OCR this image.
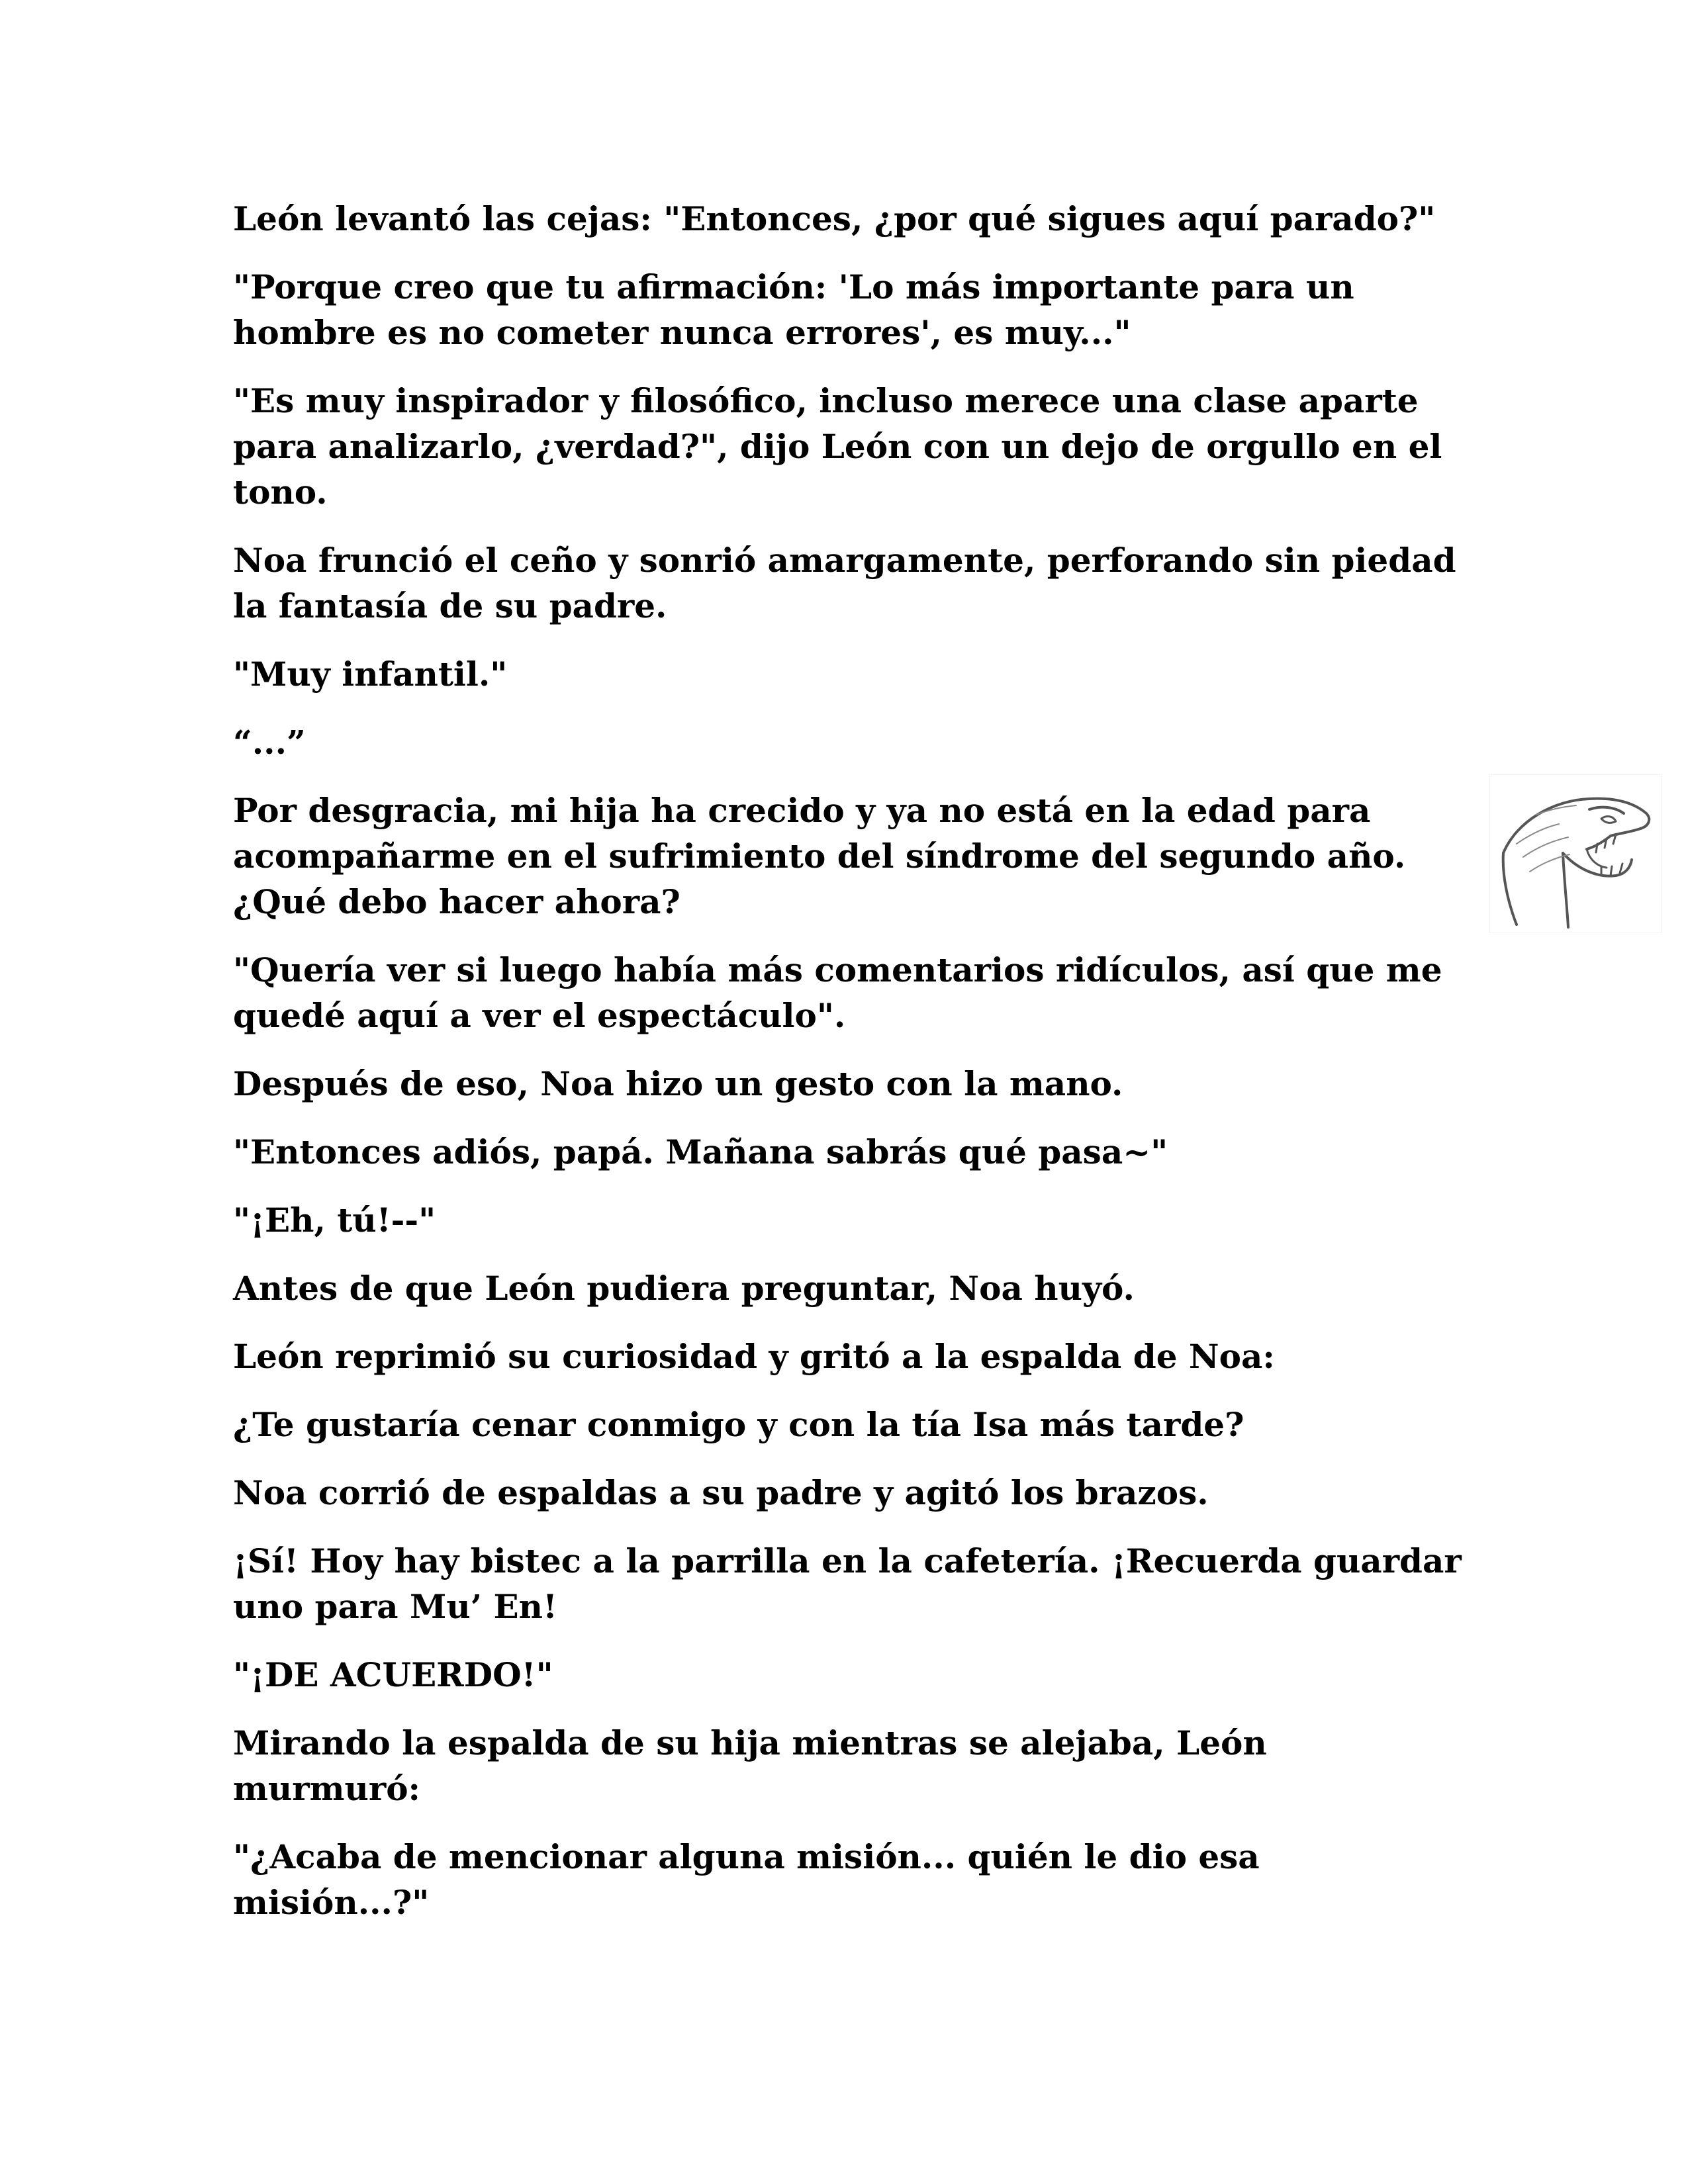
León levantó las cejas: "Entonces, ¿por qué sigues aquí parado?"

"Porque creo que tu afirmación: 'Lo más importante para un hombre es no cometer nunca errores', es muy..."

"Es muy inspirador y filosófico, incluso merece una clase aparte para analizarlo, ¿verdad?", dijo León con un dejo de orgullo en el tono.

Noa frunció el ceño y sonrió amargamente, perforando sin piedad la fantasía de su padre.

"Muy infantil."

“...”

Por desgracia, mi hija ha crecido y ya no está en la edad para acompañarme en el sufrimiento del síndrome del segundo año. ¿Qué debo hacer ahora?

"Quería ver si luego había más comentarios ridículos, así que me quedé aquí a ver el espectáculo".

Después de eso, Noa hizo un gesto con la mano.

"Entonces adiós, papá. Mañana sabrás qué pasa~"

"¡Eh, tú!--"

Antes de que León pudiera preguntar, Noa huyó.

León reprimió su curiosidad y gritó a la espalda de Noa:

¿Te gustaría cenar conmigo y con la tía Isa más tarde?

Noa corrió de espaldas a su padre y agitó los brazos.

¡Sí! Hoy hay bistec a la parrilla en la cafetería. ¡Recuerda guardar uno para Mu’ En!

"¡DE ACUERDO!"

Mirando la espalda de su hija mientras se alejaba, León murmuró:

"¿Acaba de mencionar alguna misión... quién le dio esa misión...?"
